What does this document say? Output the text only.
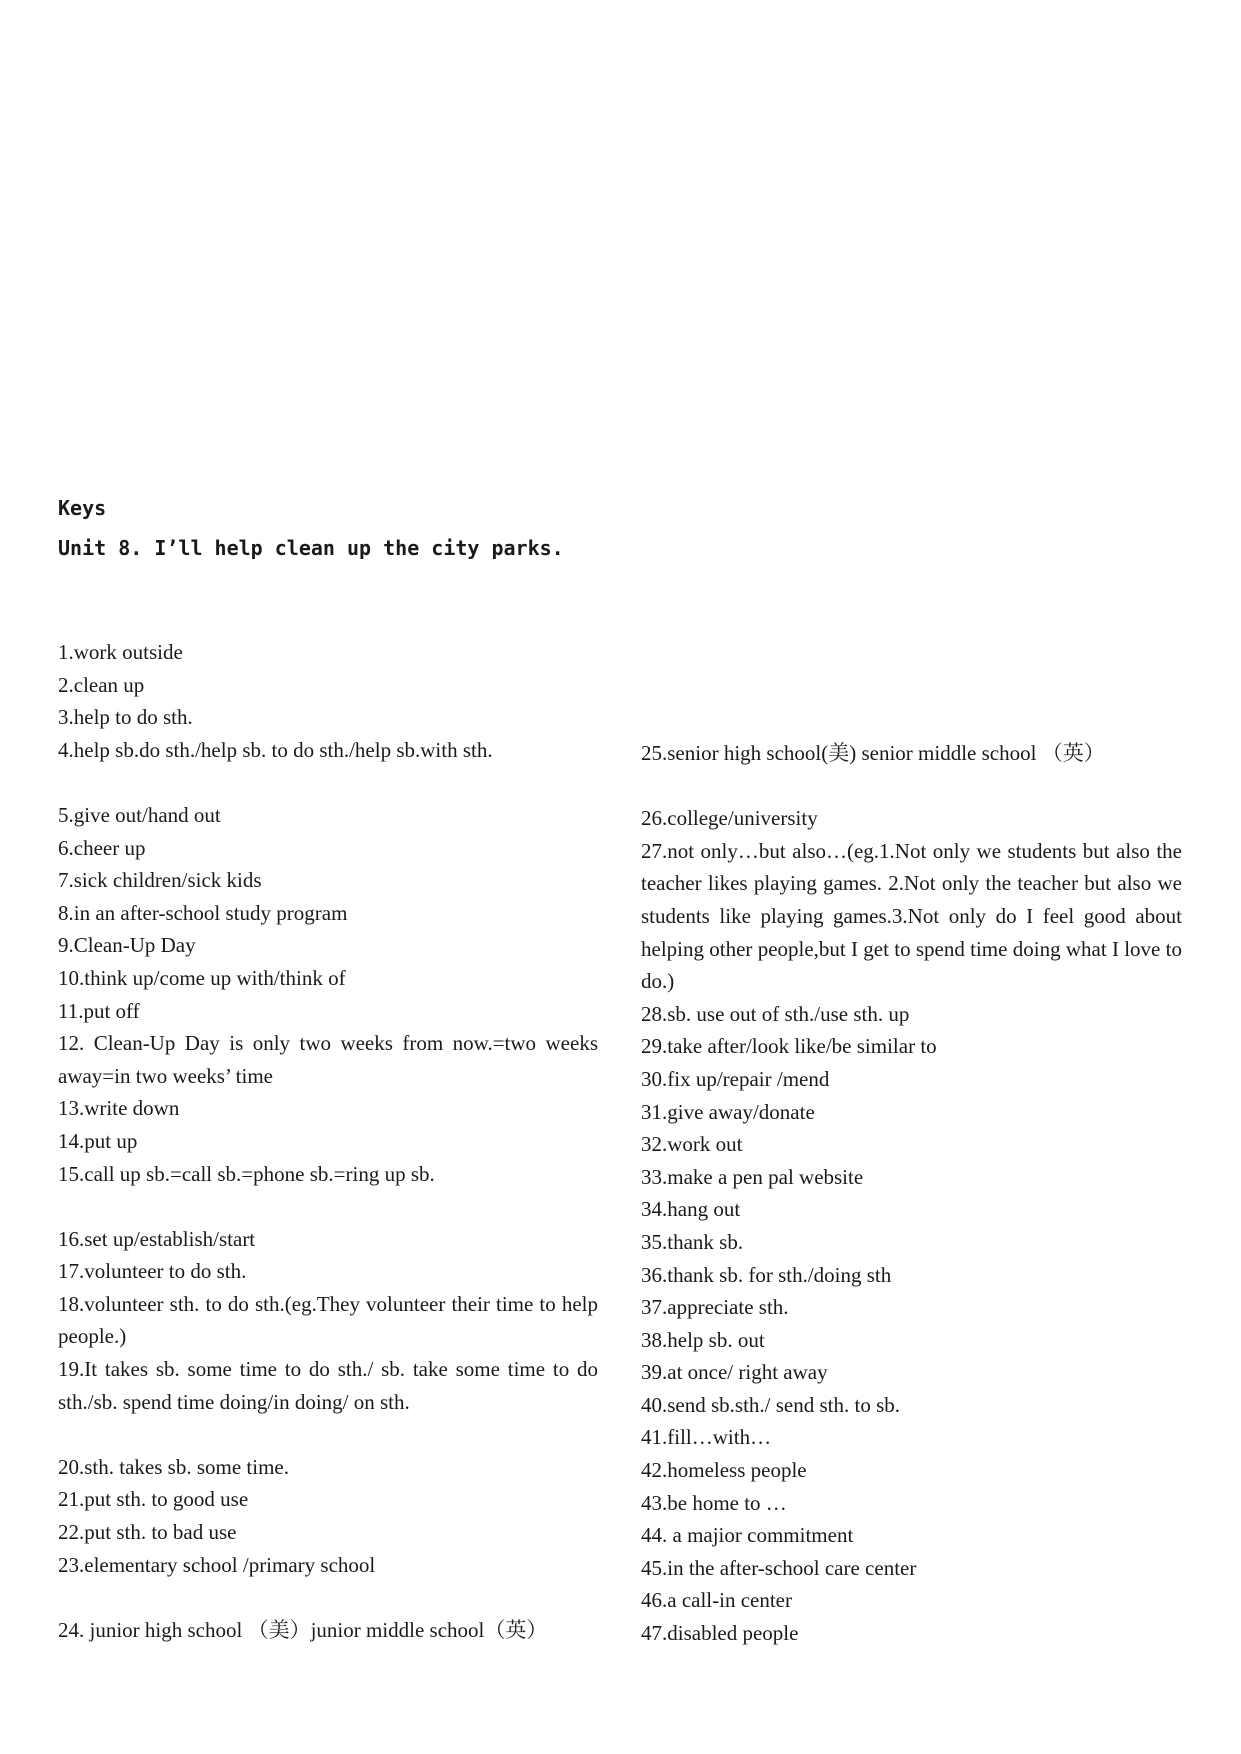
Keys
Unit 8. I’ll help clean up the city parks.

1.work outside

2.clean up

3.help to do sth.

4.help sb.do sth./help sb. to do sth./help sb.with sth.

5.give out/hand out

6.cheer up

7.sick children/sick kids

8.in an after-school study program

9.Clean-Up Day

10.think up/come up with/think of

11.put off

12. Clean-Up Day is only two weeks from now.=two weeks away=in two weeks’ time

13.write down

14.put up

15.call up sb.=call sb.=phone sb.=ring up sb.

16.set up/establish/start

17.volunteer to do sth.

18.volunteer sth. to do sth.(eg.They volunteer their time to help people.)

19.It takes sb. some time to do sth./ sb. take some time to do sth./sb. spend time doing/in doing/ on sth.

20.sth. takes sb. some time.

21.put sth. to good use

22.put sth. to bad use

23.elementary school /primary school

24. junior high school （美）junior middle school（英）

25.senior high school(美) senior middle school （英）

26.college/university

27.not only…but also…(eg.1.Not only we students but also the teacher likes playing games. 2.Not only the teacher but also we students like playing games.3.Not only do I feel good about helping other people,but I get to spend time doing what I love to do.)

28.sb. use out of sth./use sth. up

29.take after/look like/be similar to

30.fix up/repair /mend

31.give away/donate

32.work out

33.make a pen pal website

34.hang out

35.thank sb.

36.thank sb. for sth./doing sth

37.appreciate sth.

38.help sb. out

39.at once/ right away

40.send sb.sth./ send sth. to sb.

41.fill…with…

42.homeless people

43.be home to …

44. a majior commitment

45.in the after-school care center

46.a call-in center

47.disabled people
